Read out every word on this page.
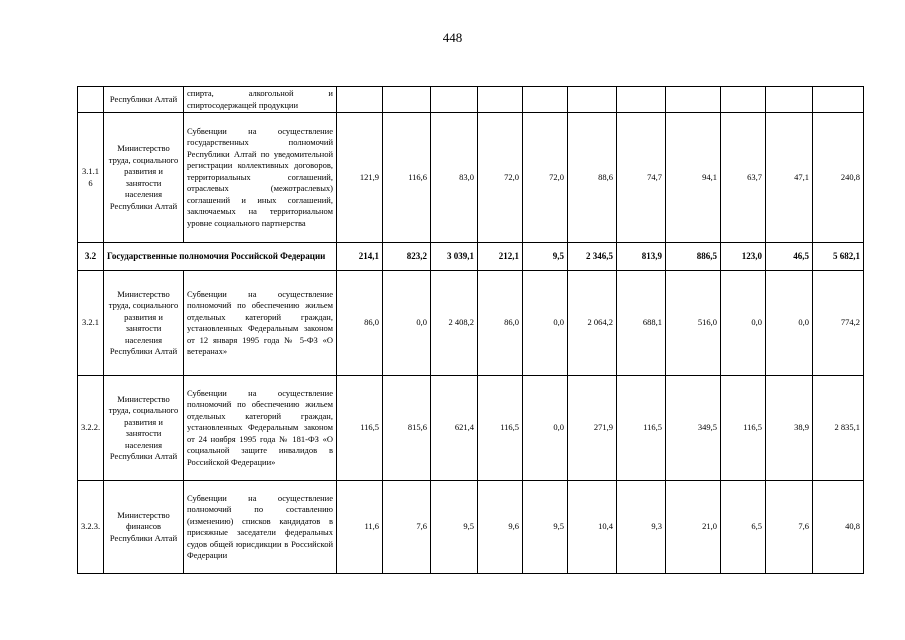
448
	Республики Алтай	спирта, алкогольной и спиртосодержащей продукции											
3.1.16	Министерство труда, социального развития и занятости населения Республики Алтай	Субвенции на осуществление государственных полномочий Республики Алтай по уведомительной регистрации коллективных договоров, территориальных соглашений, отраслевых (межотраслевых) соглашений и иных соглашений, заключаемых на территориальном уровне социального партнерства	121,9	116,6	83,0	72,0	72,0	88,6	74,7	94,1	63,7	47,1	240,8
3.2	Государственные полномочия Российской Федерации		214,1	823,2	3 039,1	212,1	9,5	2 346,5	813,9	886,5	123,0	46,5	5 682,1
3.2.1	Министерство труда, социального развития и занятости населения Республики Алтай	Субвенции на осуществление полномочий по обеспечению жильем отдельных категорий граждан, установленных Федеральным законом от 12 января 1995 года № 5-ФЗ «О ветеранах»	86,0	0,0	2 408,2	86,0	0,0	2 064,2	688,1	516,0	0,0	0,0	774,2
3.2.2.	Министерство труда, социального развития и занятости населения Республики Алтай	Субвенции на осуществление полномочий по обеспечению жильем отдельных категорий граждан, установленных Федеральным законом от 24 ноября 1995 года № 181-ФЗ «О социальной защите инвалидов в Российской Федерации»	116,5	815,6	621,4	116,5	0,0	271,9	116,5	349,5	116,5	38,9	2 835,1
3.2.3.	Министерство финансов Республики Алтай	Субвенции на осуществление полномочий по составлению (изменению) списков кандидатов в присяжные заседатели федеральных судов общей юрисдикции в Российской Федерации	11,6	7,6	9,5	9,6	9,5	10,4	9,3	21,0	6,5	7,6	40,8
